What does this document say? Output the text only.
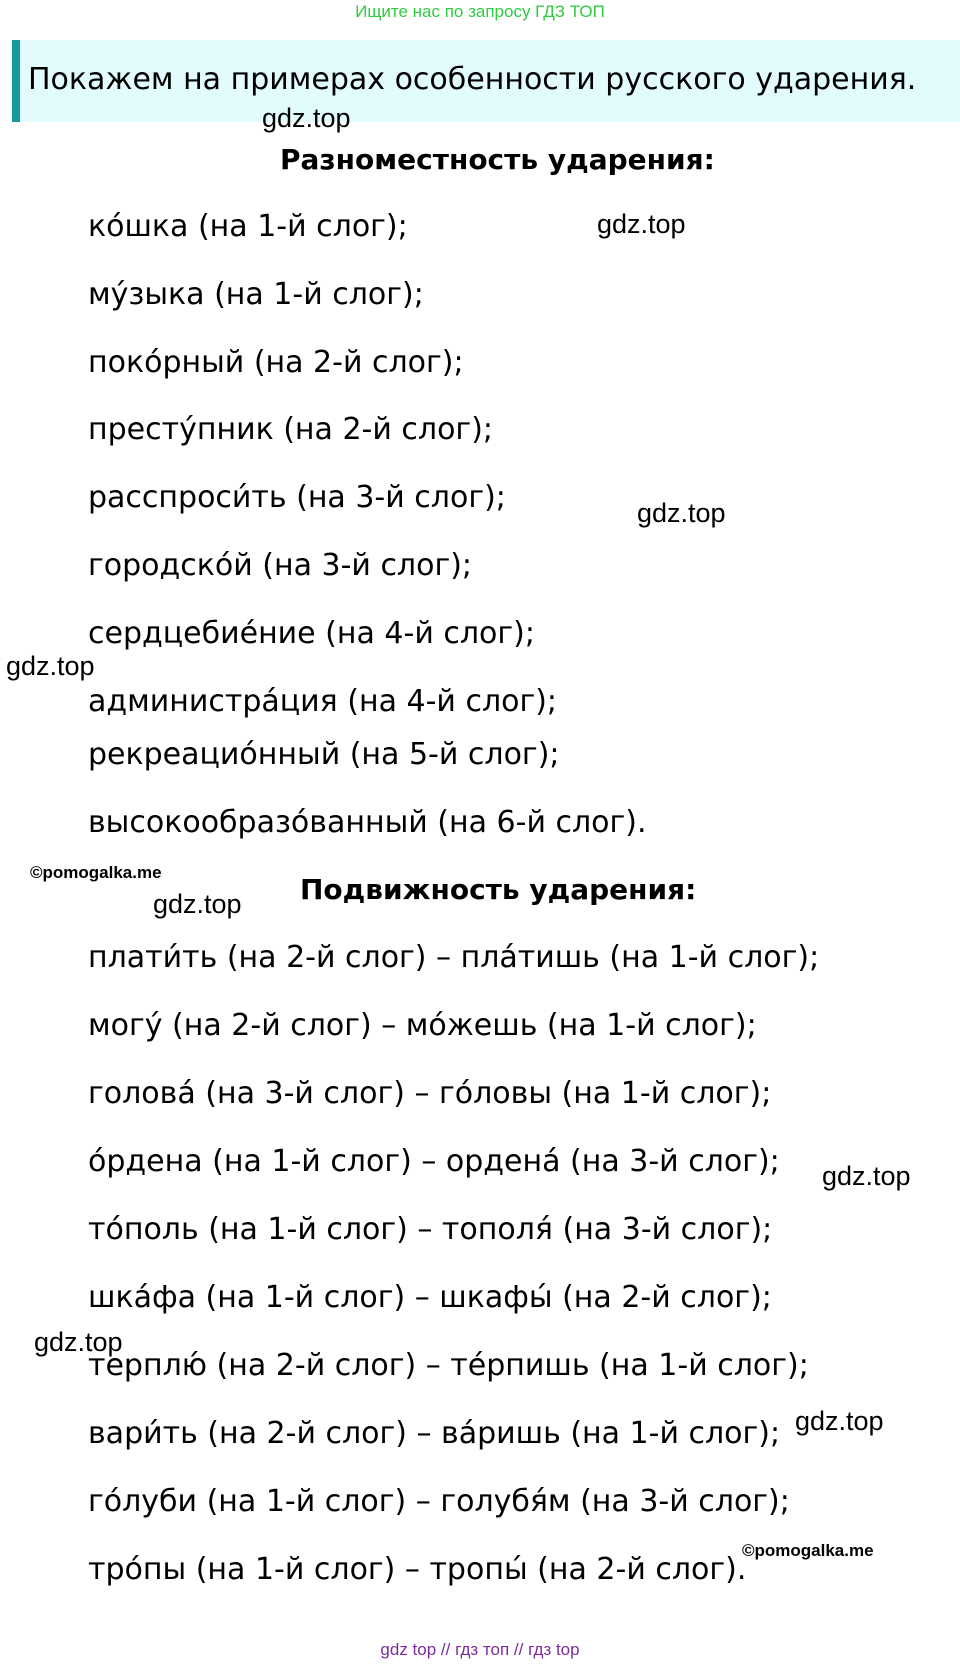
Ищите нас по запросу ГДЗ ТОП
Покажем на примерах особенности русского ударения.
gdz.top
Разноместность ударения:
gdz.top
ко́шка (на 1-й слог);
му́зыка (на 1-й слог);
поко́рный (на 2-й слог);
престу́пник (на 2-й слог);
расспроси́ть (на 3-й слог);	gdz.top
городско́й (на 3-й слог);
сердцебие́ние (на 4-й слог);
gdz.top
администра́ция (на 4-й слог);
рекреацио́нный (на 5-й слог);
высокообразо́ванный (на 6-й слог).
©pomogalka.me
gdz.top Подвижность ударения:
плати́ть (на 2-й слог) – пла́тишь (на 1-й слог);
могу́ (на 2-й слог) – мо́жешь (на 1-й слог);
голова́ (на 3-й слог) – го́ловы (на 1-й слог);
о́рдена (на 1-й слог) – ордена́ (на 3-й слог); gdz.top
то́поль (на 1-й слог) – тополя́ (на 3-й слог);
шка́фа (на 1-й слог) – шкафы́ (на 2-й слог);
gdz.top
терплю́ (на 2-й слог) – те́рпишь (на 1-й слог);
gdz.top
вари́ть (на 2-й слог) – ва́ришь (на 1-й слог);
го́луби (на 1-й слог) – голубя́м (на 3-й слог);
©pomogalka.me
тро́пы (на 1-й слог) – тропы́ (на 2-й слог).
gdz top // гдз топ // гдз top
